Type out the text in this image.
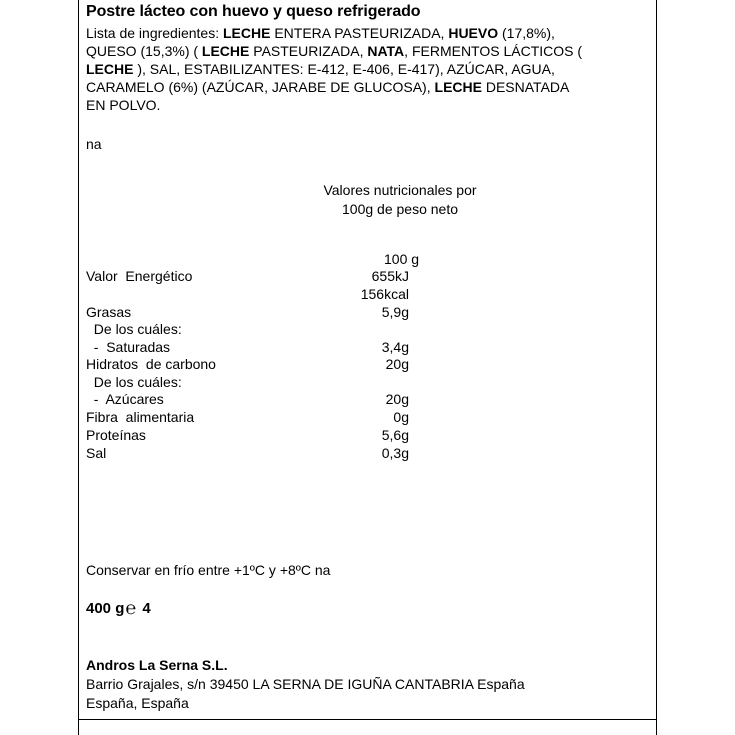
Postre lácteo con huevo y queso refrigerado
Lista de ingredientes: LECHE ENTERA PASTEURIZADA, HUEVO (17,8%),
QUESO (15,3%) ( LECHE PASTEURIZADA, NATA, FERMENTOS LÁCTICOS (
LECHE ), SAL, ESTABILIZANTES: E-412, E-406, E-417), AZÚCAR, AGUA,
CARAMELO (6%) (AZÚCAR, JARABE DE GLUCOSA), LECHE DESNATADA
EN POLVO.
na
Valores nutricionales por
100g de peso neto
100 g
Valor  Energético	655kJ
156kcal
Grasas	5,9g
De los cuáles:
-  Saturadas	3,4g
Hidratos  de carbono	20g
De los cuáles:
-  Azúcares	20g
Fibra  alimentaria	0g
Proteínas	5,6g
Sal	0,3g
Conservar en frío entre +1ºC y +8ºC na
400 g℮ 4
Andros La Serna S.L.
Barrio Grajales, s/n 39450 LA SERNA DE IGUÑA CANTABRIA España
España, España
